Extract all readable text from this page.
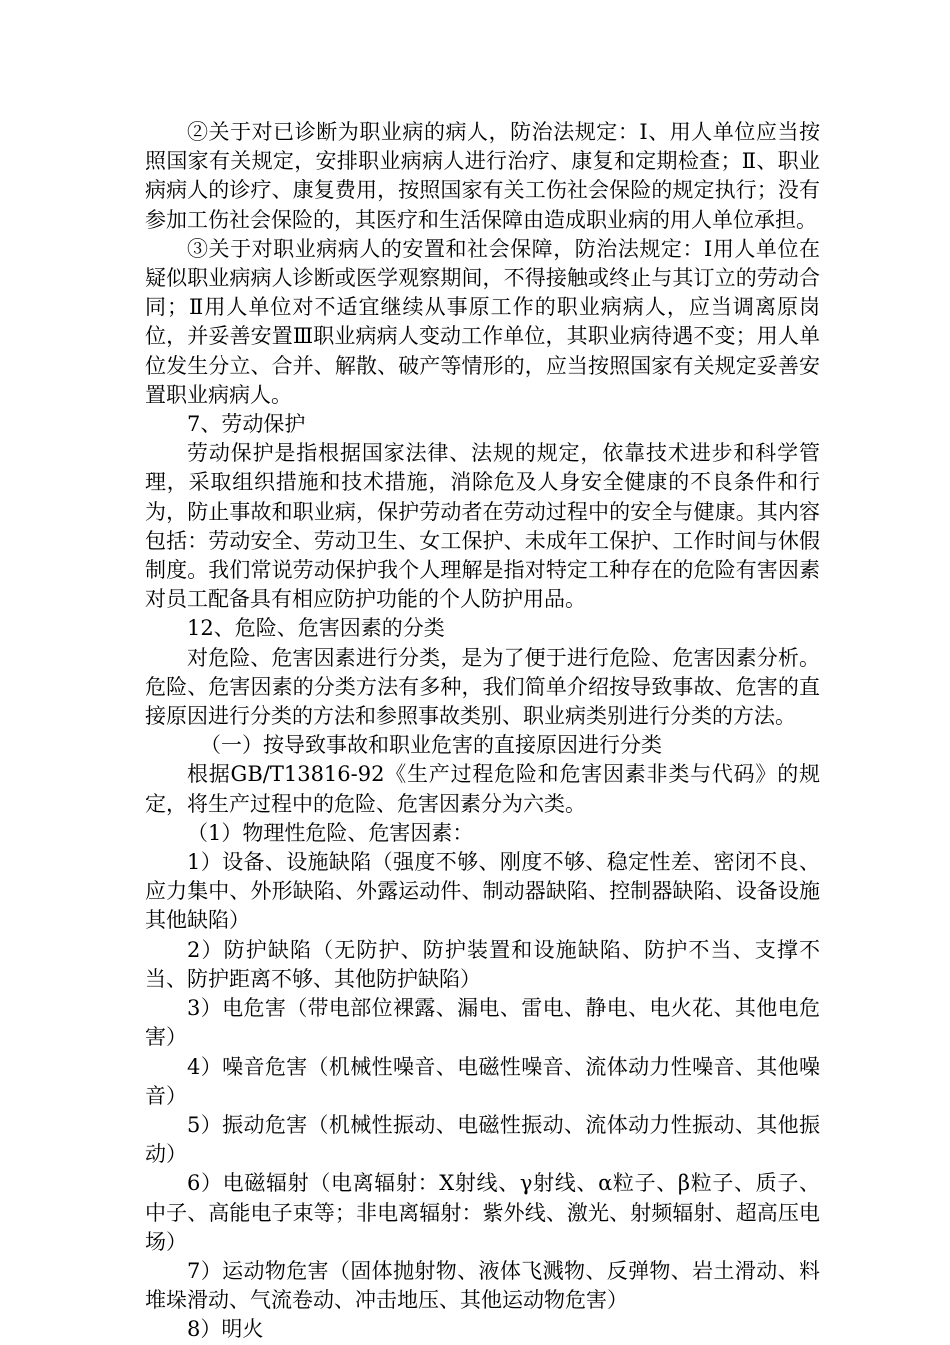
②关于对已诊断为职业病的病人，防治法规定：Ⅰ、用人单位应当按照国家有关规定，安排职业病病人进行治疗、康复和定期检查；Ⅱ、职业病病人的诊疗、康复费用，按照国家有关工伤社会保险的规定执行；没有参加工伤社会保险的，其医疗和生活保障由造成职业病的用人单位承担。

③关于对职业病病人的安置和社会保障，防治法规定：Ⅰ用人单位在疑似职业病病人诊断或医学观察期间，不得接触或终止与其订立的劳动合同；Ⅱ用人单位对不适宜继续从事原工作的职业病病人，应当调离原岗位，并妥善安置Ⅲ职业病病人变动工作单位，其职业病待遇不变；用人单位发生分立、合并、解散、破产等情形的，应当按照国家有关规定妥善安置职业病病人。

7、劳动保护

劳动保护是指根据国家法律、法规的规定，依靠技术进步和科学管理，采取组织措施和技术措施，消除危及人身安全健康的不良条件和行为，防止事故和职业病，保护劳动者在劳动过程中的安全与健康。其内容包括：劳动安全、劳动卫生、女工保护、未成年工保护、工作时间与休假制度。我们常说劳动保护我个人理解是指对特定工种存在的危险有害因素对员工配备具有相应防护功能的个人防护用品。

12、危险、危害因素的分类

对危险、危害因素进行分类，是为了便于进行危险、危害因素分析。危险、危害因素的分类方法有多种，我们简单介绍按导致事故、危害的直接原因进行分类的方法和参照事故类别、职业病类别进行分类的方法。

（一）按导致事故和职业危害的直接原因进行分类

根据GB/T13816-92《生产过程危险和危害因素非类与代码》的规定，将生产过程中的危险、危害因素分为六类。

（1）物理性危险、危害因素：

1）设备、设施缺陷（强度不够、刚度不够、稳定性差、密闭不良、应力集中、外形缺陷、外露运动件、制动器缺陷、控制器缺陷、设备设施其他缺陷）

2）防护缺陷（无防护、防护装置和设施缺陷、防护不当、支撑不当、防护距离不够、其他防护缺陷）

3）电危害（带电部位裸露、漏电、雷电、静电、电火花、其他电危害）

4）噪音危害（机械性噪音、电磁性噪音、流体动力性噪音、其他噪音）

5）振动危害（机械性振动、电磁性振动、流体动力性振动、其他振动）

6）电磁辐射（电离辐射：X射线、γ射线、α粒子、β粒子、质子、中子、高能电子束等；非电离辐射：紫外线、激光、射频辐射、超高压电场）

7）运动物危害（固体抛射物、液体飞溅物、反弹物、岩土滑动、料堆垛滑动、气流卷动、冲击地压、其他运动物危害）

8）明火
